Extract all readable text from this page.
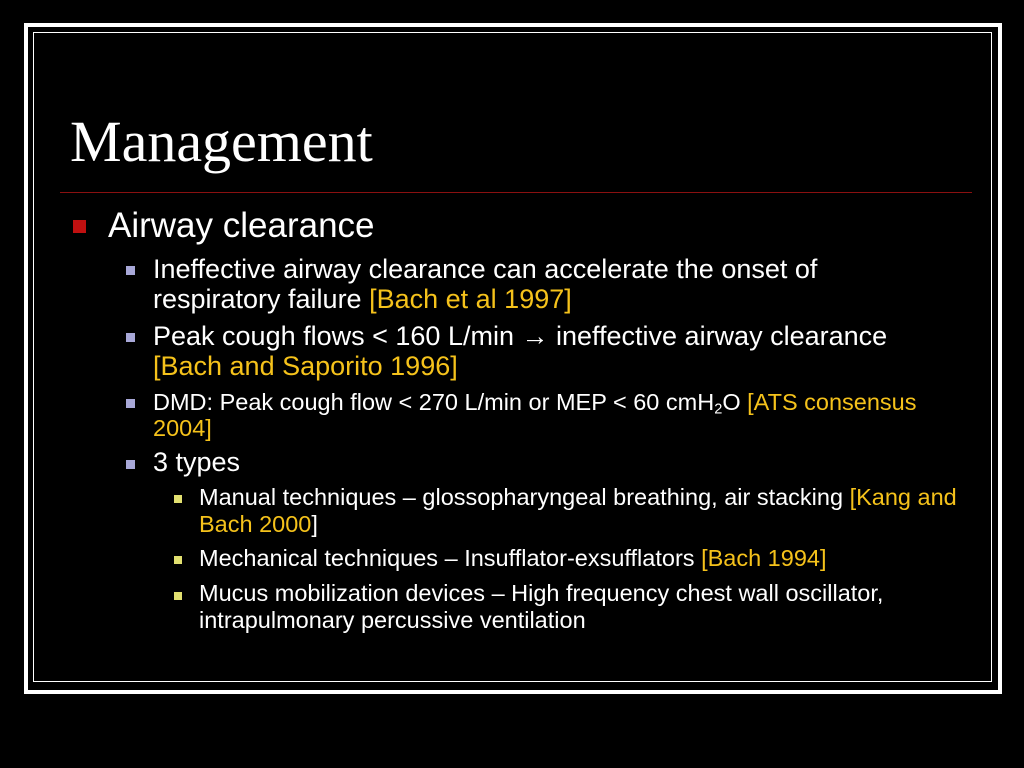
Management
Airway clearance
Ineffective airway clearance can accelerate the onset of respiratory failure [Bach et al 1997]
Peak cough flows < 160 L/min → ineffective airway clearance [Bach and Saporito 1996]
DMD: Peak cough flow < 270 L/min or MEP < 60 cmH$_2$O [ATS consensus 2004]
3 types
Manual techniques – glossopharyngeal breathing, air stacking [Kang and Bach 2000]
Mechanical techniques – Insufflator-exsufflators [Bach 1994]
Mucus mobilization devices – High frequency chest wall oscillator, intrapulmonary percussive ventilation
